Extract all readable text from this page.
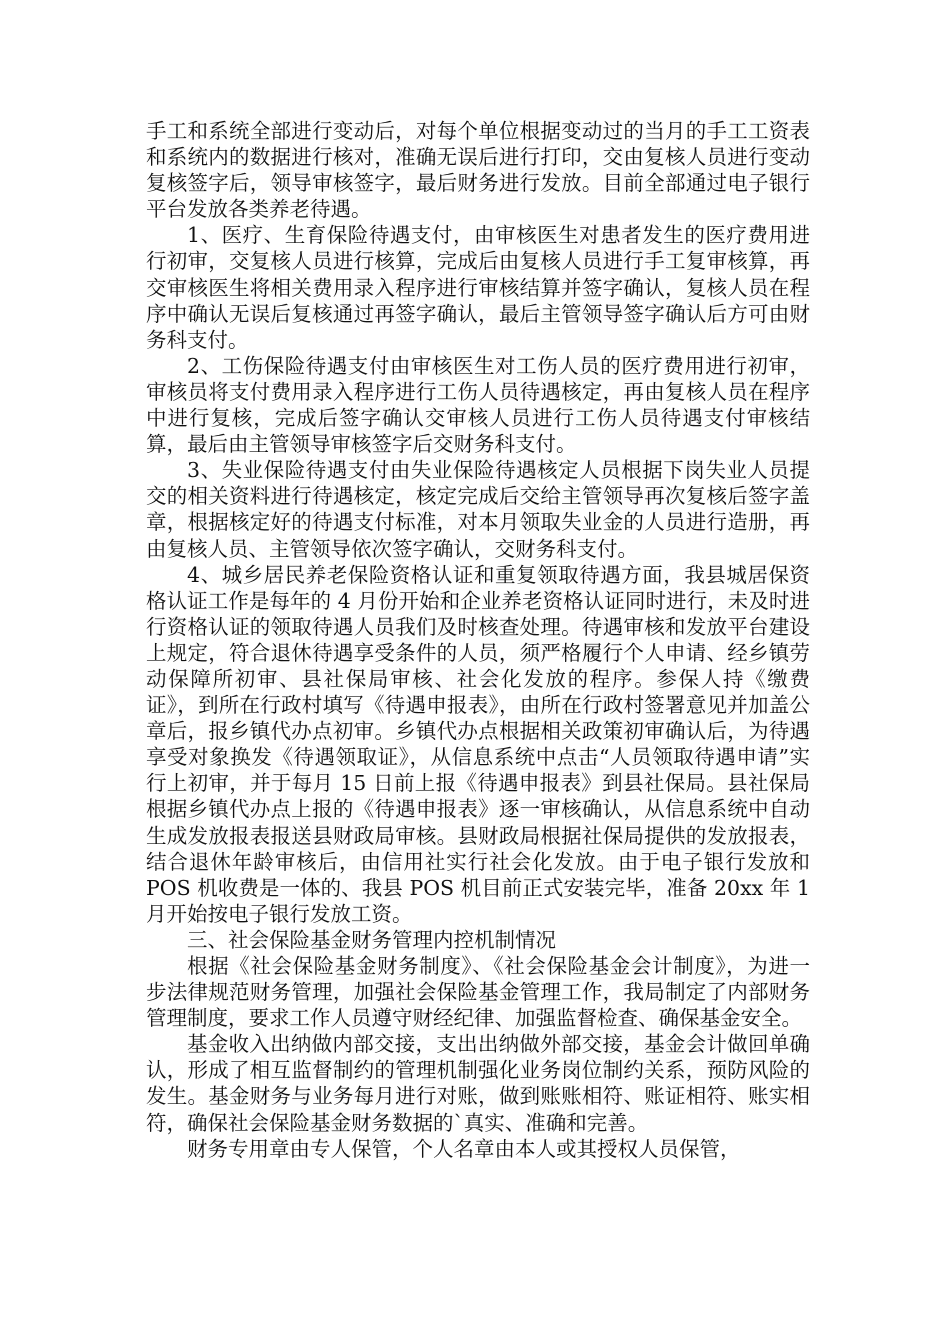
手工和系统全部进行变动后，对每个单位根据变动过的当月的手工工资表和系统内的数据进行核对，准确无误后进行打印，交由复核人员进行变动复核签字后，领导审核签字，最后财务进行发放。目前全部通过电子银行平台发放各类养老待遇。

1、医疗、生育保险待遇支付，由审核医生对患者发生的医疗费用进行初审，交复核人员进行核算，完成后由复核人员进行手工复审核算，再交审核医生将相关费用录入程序进行审核结算并签字确认，复核人员在程序中确认无误后复核通过再签字确认，最后主管领导签字确认后方可由财务科支付。

2、工伤保险待遇支付由审核医生对工伤人员的医疗费用进行初审，审核员将支付费用录入程序进行工伤人员待遇核定，再由复核人员在程序中进行复核，完成后签字确认交审核人员进行工伤人员待遇支付审核结算，最后由主管领导审核签字后交财务科支付。

3、失业保险待遇支付由失业保险待遇核定人员根据下岗失业人员提交的相关资料进行待遇核定，核定完成后交给主管领导再次复核后签字盖章，根据核定好的待遇支付标准，对本月领取失业金的人员进行造册，再由复核人员、主管领导依次签字确认，交财务科支付。

4、城乡居民养老保险资格认证和重复领取待遇方面，我县城居保资格认证工作是每年的 4 月份开始和企业养老资格认证同时进行，未及时进行资格认证的领取待遇人员我们及时核查处理。待遇审核和发放平台建设上规定，符合退休待遇享受条件的人员，须严格履行个人申请、经乡镇劳动保障所初审、县社保局审核、社会化发放的程序。参保人持《缴费证》，到所在行政村填写《待遇申报表》，由所在行政村签署意见并加盖公章后，报乡镇代办点初审。乡镇代办点根据相关政策初审确认后，为待遇享受对象换发《待遇领取证》，从信息系统中点击“人员领取待遇申请”实行上初审，并于每月 15 日前上报《待遇申报表》到县社保局。县社保局根据乡镇代办点上报的《待遇申报表》逐一审核确认，从信息系统中自动生成发放报表报送县财政局审核。县财政局根据社保局提供的发放报表，结合退休年龄审核后，由信用社实行社会化发放。由于电子银行发放和 POS 机收费是一体的、我县 POS 机目前正式安装完毕，准备 20xx 年 1 月开始按电子银行发放工资。

三、社会保险基金财务管理内控机制情况

根据《社会保险基金财务制度》、《社会保险基金会计制度》，为进一步法律规范财务管理，加强社会保险基金管理工作，我局制定了内部财务管理制度，要求工作人员遵守财经纪律、加强监督检查、确保基金安全。

基金收入出纳做内部交接，支出出纳做外部交接，基金会计做回单确认，形成了相互监督制约的管理机制强化业务岗位制约关系，预防风险的发生。基金财务与业务每月进行对账，做到账账相符、账证相符、账实相符，确保社会保险基金财务数据的`真实、准确和完善。

财务专用章由专人保管，个人名章由本人或其授权人员保管，
